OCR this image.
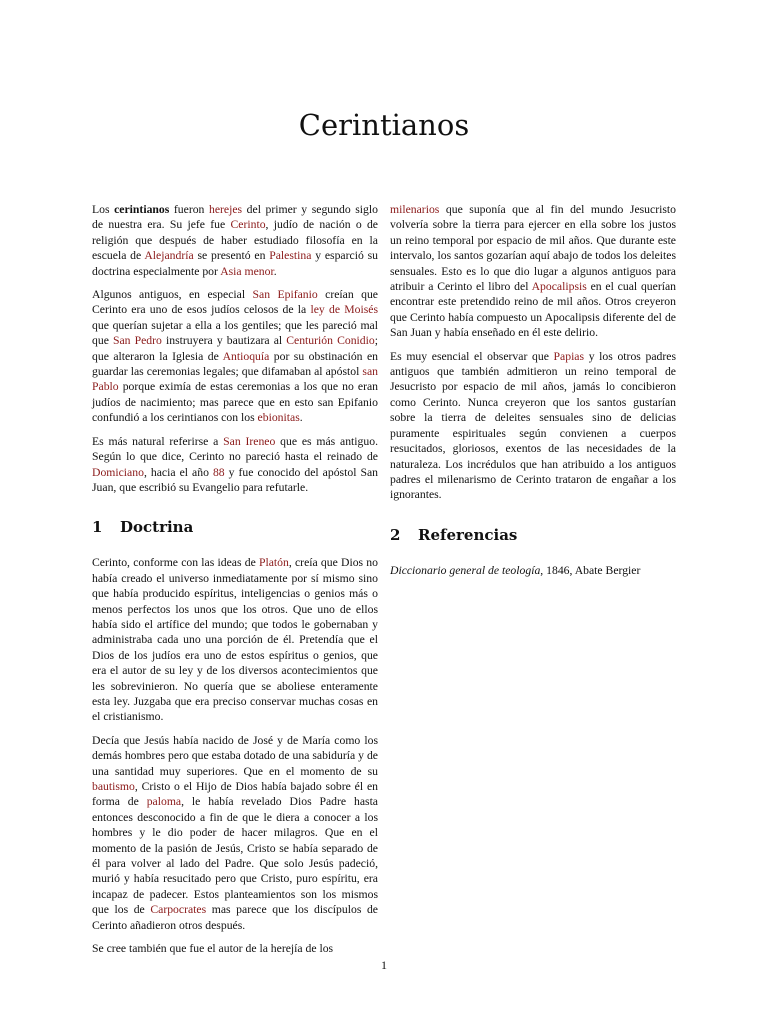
Cerintianos

Los cerintianos fueron herejes del primer y segundo siglo de nuestra era. Su jefe fue Cerinto, judío de nación o de religión que después de haber estudiado filosofía en la escuela de Alejandría se presentó en Palestina y esparció su doctrina especialmente por Asia menor.

Algunos antiguos, en especial San Epifanio creían que Cerinto era uno de esos judíos celosos de la ley de Moisés que querían sujetar a ella a los gentiles; que les pareció mal que San Pedro instruyera y bautizara al Centurión Conidio; que alteraron la Iglesia de Antioquía por su obstinación en guardar las ceremonias legales; que difamaban al apóstol san Pablo porque eximía de estas ceremonias a los que no eran judíos de nacimiento; mas parece que en esto san Epifanio confundió a los cerintianos con los ebionitas.

Es más natural referirse a San Ireneo que es más antiguo. Según lo que dice, Cerinto no pareció hasta el reinado de Domiciano, hacia el año 88 y fue conocido del apóstol San Juan, que escribió su Evangelio para refutarle.

1 Doctrina

Cerinto, conforme con las ideas de Platón, creía que Dios no había creado el universo inmediatamente por sí mismo sino que había producido espíritus, inteligencias o genios más o menos perfectos los unos que los otros. Que uno de ellos había sido el artífice del mundo; que todos le gobernaban y administraba cada uno una porción de él. Pretendía que el Dios de los judíos era uno de estos espíritus o genios, que era el autor de su ley y de los diversos acontecimientos que les sobrevinieron. No quería que se aboliese enteramente esta ley. Juzgaba que era preciso conservar muchas cosas en el cristianismo.

Decía que Jesús había nacido de José y de María como los demás hombres pero que estaba dotado de una sabiduría y de una santidad muy superiores. Que en el momento de su bautismo, Cristo o el Hijo de Dios había bajado sobre él en forma de paloma, le había revelado Dios Padre hasta entonces desconocido a fin de que le diera a conocer a los hombres y le dio poder de hacer milagros. Que en el momento de la pasión de Jesús, Cristo se había separado de él para volver al lado del Padre. Que solo Jesús padeció, murió y había resucitado pero que Cristo, puro espíritu, era incapaz de padecer. Estos planteamientos son los mismos que los de Carpocrates mas parece que los discípulos de Cerinto añadieron otros después.

Se cree también que fue el autor de la herejía de los

milenarios que suponía que al fin del mundo Jesucristo volvería sobre la tierra para ejercer en ella sobre los justos un reino temporal por espacio de mil años. Que durante este intervalo, los santos gozarían aquí abajo de todos los deleites sensuales. Esto es lo que dio lugar a algunos antiguos para atribuir a Cerinto el libro del Apocalipsis en el cual querían encontrar este pretendido reino de mil años. Otros creyeron que Cerinto había compuesto un Apocalipsis diferente del de San Juan y había enseñado en él este delirio.

Es muy esencial el observar que Papias y los otros padres antiguos que también admitieron un reino temporal de Jesucristo por espacio de mil años, jamás lo concibieron como Cerinto. Nunca creyeron que los santos gustarían sobre la tierra de deleites sensuales sino de delicias puramente espirituales según convienen a cuerpos resucitados, gloriosos, exentos de las necesidades de la naturaleza. Los incrédulos que han atribuido a los antiguos padres el milenarismo de Cerinto trataron de engañar a los ignorantes.

2 Referencias

Diccionario general de teología, 1846, Abate Bergier

1
